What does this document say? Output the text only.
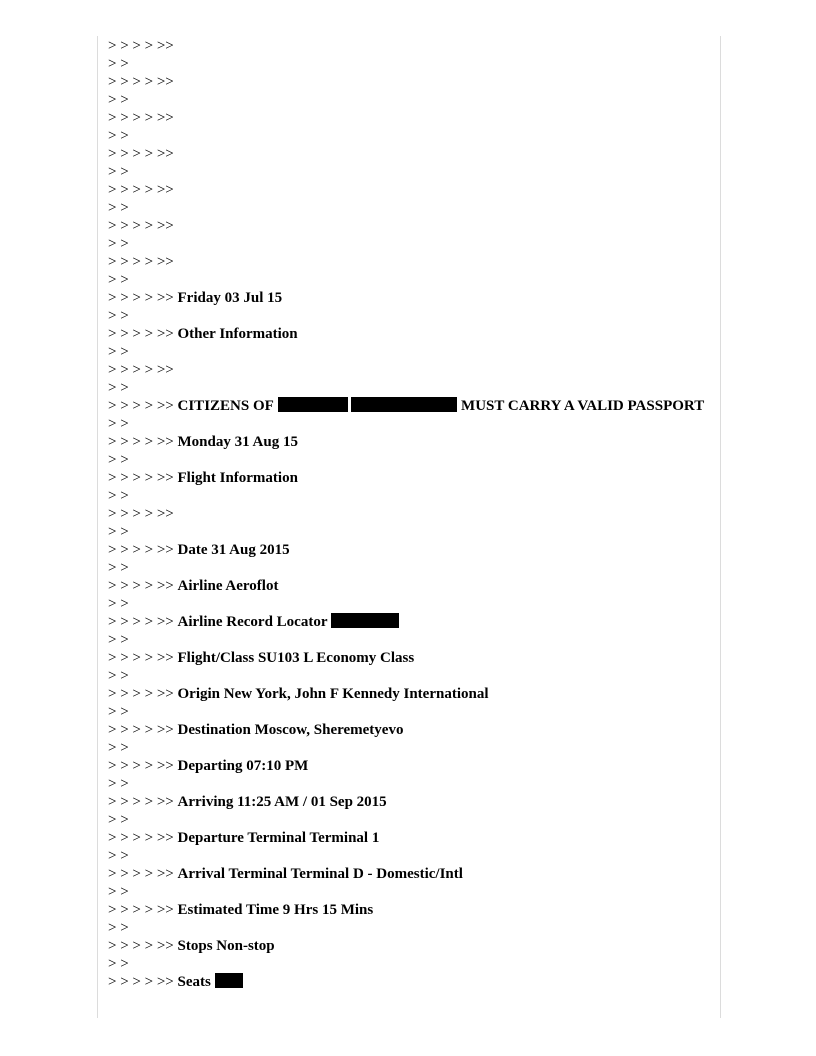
> > > > >>
> >
> > > > >>
> >
> > > > >>
> >
> > > > >>
> >
> > > > >>
> >
> > > > >>
> >
> > > > >>
> >
> > > > >> Friday 03 Jul 15
> >
> > > > >> Other Information
> >
> > > > >>
> >
> > > > >> CITIZENS OF	MUST CARRY A VALID PASSPORT
> >
> > > > >> Monday 31 Aug 15
> >
> > > > >> Flight Information
> >
> > > > >>
> >
> > > > >> Date 31 Aug 2015
> >
> > > > >> Airline Aeroflot
> >
> > > > >> Airline Record Locator
> >
> > > > >> Flight/Class SU103 L Economy Class
> >
> > > > >> Origin New York, John F Kennedy International
> >
> > > > >> Destination Moscow, Sheremetyevo
> >
> > > > >> Departing 07:10 PM
> >
> > > > >> Arriving 11:25 AM / 01 Sep 2015
> >
> > > > >> Departure Terminal Terminal 1
> >
> > > > >> Arrival Terminal Terminal D - Domestic/Intl
> >
> > > > >> Estimated Time 9 Hrs 15 Mins
> >
> > > > >> Stops Non-stop
> >
> > > > >> Seats
